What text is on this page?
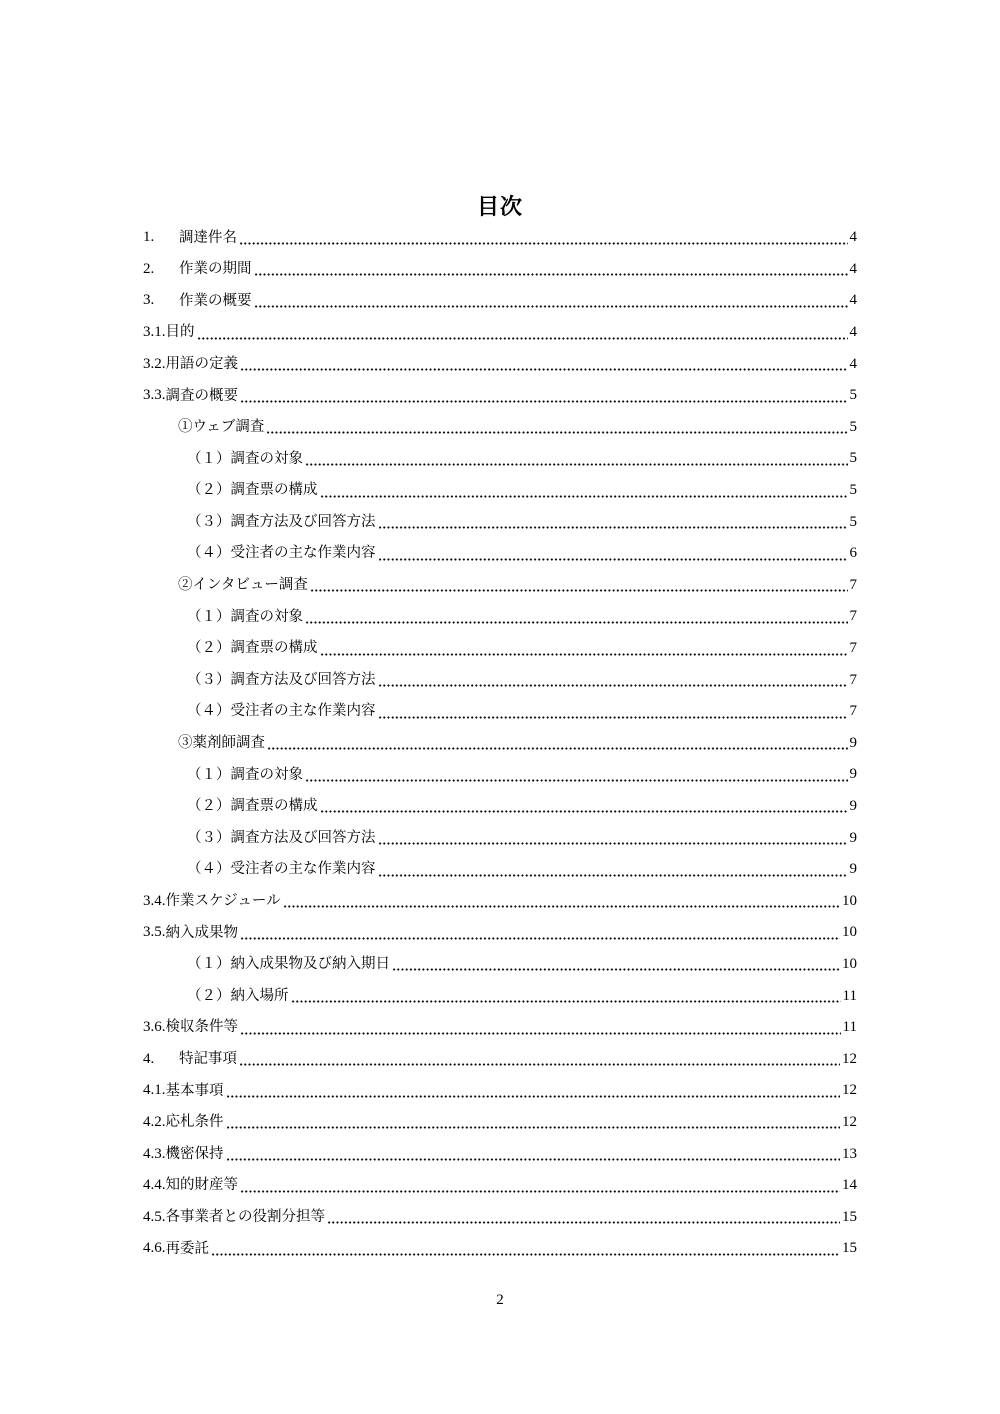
目次
1.	調達件名	4
2.	作業の期間	4
3.	作業の概要	4
3.1. 目的	4
3.2. 用語の定義	4
3.3. 調査の概要	5
①ウェブ調査	5
（１）調査の対象	5
（２）調査票の構成	5
（３）調査方法及び回答方法	5
（４）受注者の主な作業内容	6
②インタビュー調査	7
（１）調査の対象	7
（２）調査票の構成	7
（３）調査方法及び回答方法	7
（４）受注者の主な作業内容	7
③薬剤師調査	9
（１）調査の対象	9
（２）調査票の構成	9
（３）調査方法及び回答方法	9
（４）受注者の主な作業内容	9
3.4. 作業スケジュール	10
3.5. 納入成果物	10
（１）納入成果物及び納入期日	10
（２）納入場所	11
3.6. 検収条件等	11
4.	特記事項	12
4.1. 基本事項	12
4.2. 応札条件	12
4.3. 機密保持	13
4.4. 知的財産等	14
4.5. 各事業者との役割分担等	15
4.6. 再委託	15
2
